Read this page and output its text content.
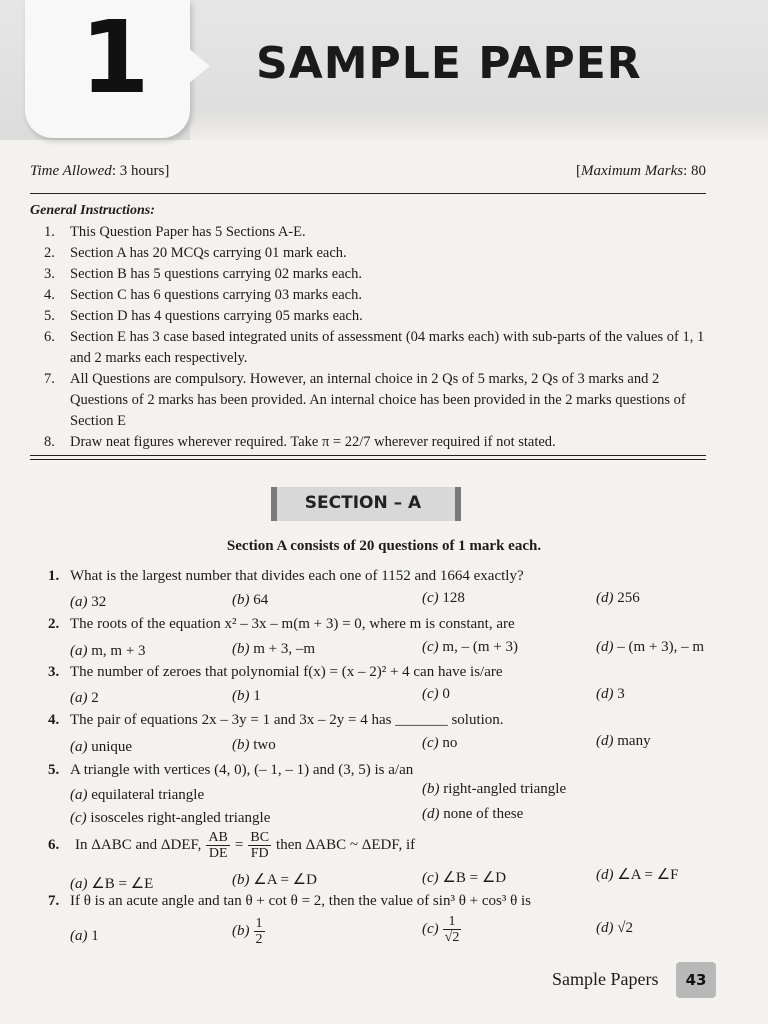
1 SAMPLE PAPER
Time Allowed: 3 hours]	[Maximum Marks: 80
General Instructions:
1.	This Question Paper has 5 Sections A-E.
2.	Section A has 20 MCQs carrying 01 mark each.
3.	Section B has 5 questions carrying 02 marks each.
4.	Section C has 6 questions carrying 03 marks each.
5.	Section D has 4 questions carrying 05 marks each.
6.	Section E has 3 case based integrated units of assessment (04 marks each) with sub-parts of the values of 1, 1 and 2 marks each respectively.
7.	All Questions are compulsory. However, an internal choice in 2 Qs of 5 marks, 2 Qs of 3 marks and 2 Questions of 2 marks has been provided. An internal choice has been provided in the 2 marks questions of Section E
8.	Draw neat figures wherever required. Take π = 22/7 wherever required if not stated.
SECTION – A
Section A consists of 20 questions of 1 mark each.
1. What is the largest number that divides each one of 1152 and 1664 exactly?
(a) 32	(b) 64	(c) 128	(d) 256
2. The roots of the equation x² – 3x – m(m + 3) = 0, where m is constant, are
(a) m, m + 3	(b) m + 3, –m	(c) m, – (m + 3)	(d) – (m + 3), – m
3. The number of zeroes that polynomial f(x) = (x – 2)² + 4 can have is/are
(a) 2	(b) 1	(c) 0	(d) 3
4. The pair of equations 2x – 3y = 1 and 3x – 2y = 4 has _______ solution.
(a) unique	(b) two	(c) no	(d) many
5. A triangle with vertices (4, 0), (– 1, – 1) and (3, 5) is a/an
(a) equilateral triangle	(b) right-angled triangle
(c) isosceles right-angled triangle	(d) none of these
6.	In ΔABC and ΔDEF, $\frac{AB}{DE} = \frac{BC}{FD}$ then ΔABC ~ ΔEDF, if
(a) ∠B = ∠E	(b) ∠A = ∠D	(c) ∠B = ∠D	(d) ∠A = ∠F
7. If θ is an acute angle and tan θ + cot θ = 2, then the value of sin³ θ + cos³ θ is
(a) 1	$(b) \frac{1}{2}$	$(c) \frac{1}{√2}$	(d) √2
Sample Papers	43
